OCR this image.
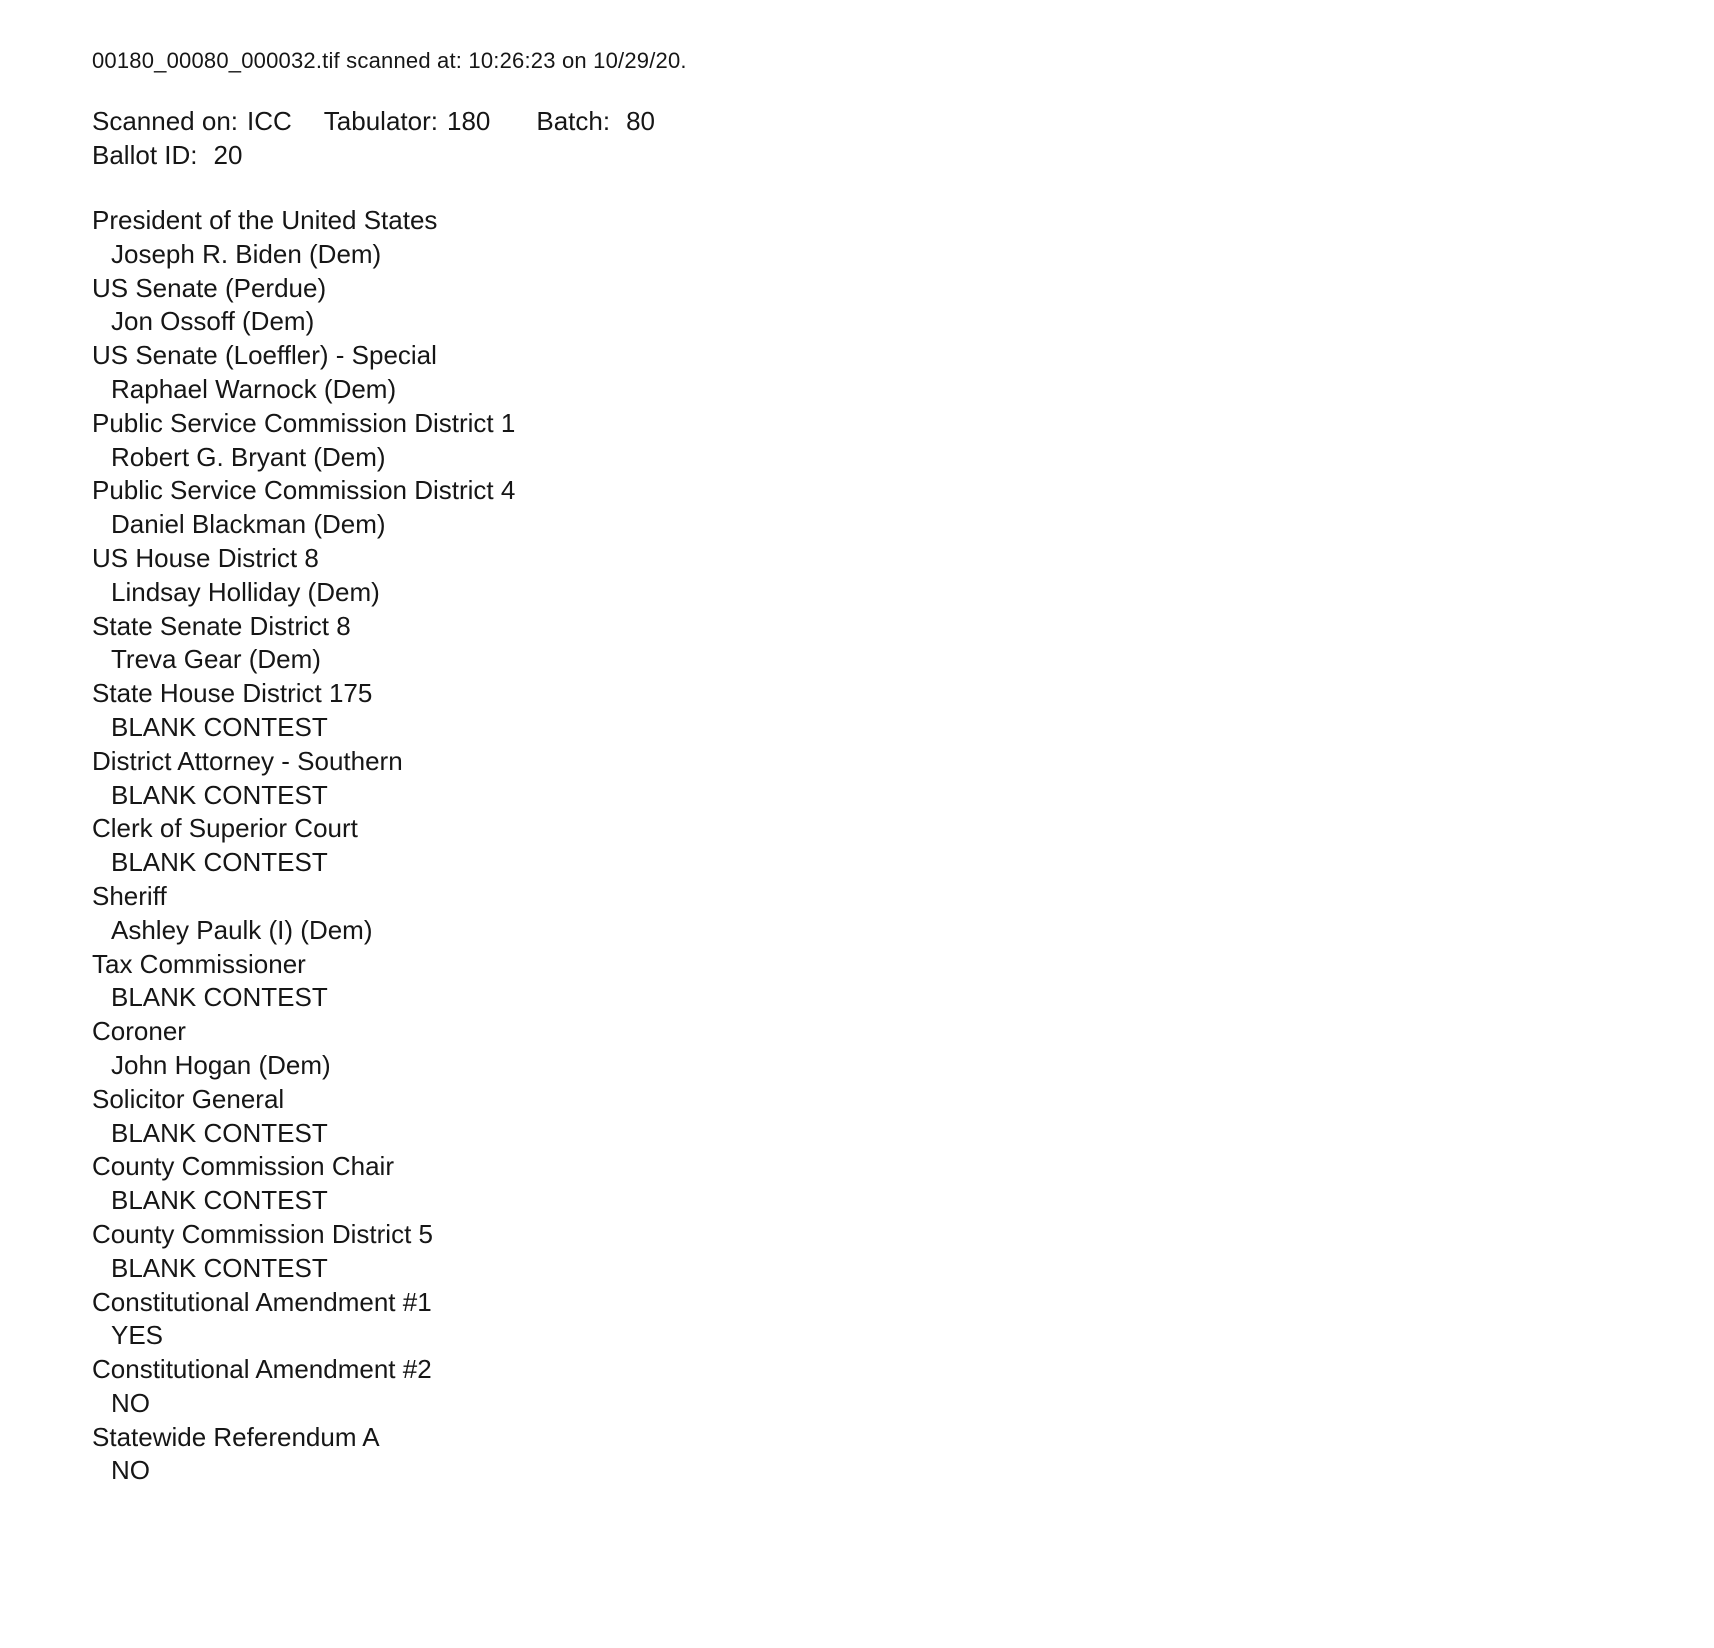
00180_00080_000032.tif scanned at: 10:26:23 on 10/29/20.
Scanned on: ICC Tabulator: 180 Batch: 80
Ballot ID: 20
President of the United States
Joseph R. Biden (Dem)
US Senate (Perdue)
Jon Ossoff (Dem)
US Senate (Loeffler) - Special
Raphael Warnock (Dem)
Public Service Commission District 1
Robert G. Bryant (Dem)
Public Service Commission District 4
Daniel Blackman (Dem)
US House District 8
Lindsay Holliday (Dem)
State Senate District 8
Treva Gear (Dem)
State House District 175
BLANK CONTEST
District Attorney - Southern
BLANK CONTEST
Clerk of Superior Court
BLANK CONTEST
Sheriff
Ashley Paulk (I) (Dem)
Tax Commissioner
BLANK CONTEST
Coroner
John Hogan (Dem)
Solicitor General
BLANK CONTEST
County Commission Chair
BLANK CONTEST
County Commission District 5
BLANK CONTEST
Constitutional Amendment #1
YES
Constitutional Amendment #2
NO
Statewide Referendum A
NO
